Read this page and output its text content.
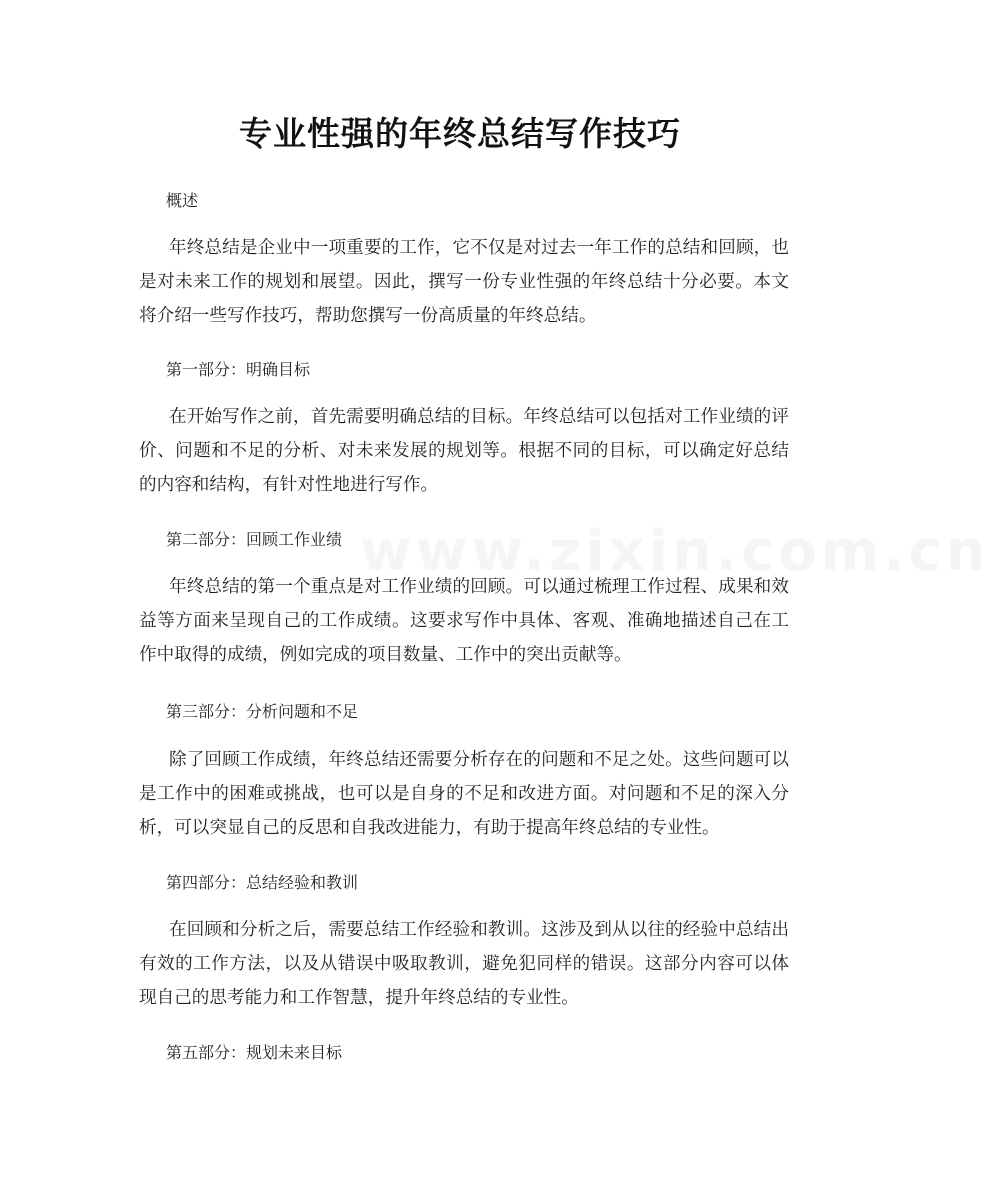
www.zixin.com.cn
专业性强的年终总结写作技巧
概述
年终总结是企业中一项重要的工作，它不仅是对过去一年工作的总结和回顾，也是对未来工作的规划和展望。因此，撰写一份专业性强的年终总结十分必要。本文将介绍一些写作技巧，帮助您撰写一份高质量的年终总结。
第一部分：明确目标
在开始写作之前，首先需要明确总结的目标。年终总结可以包括对工作业绩的评价、问题和不足的分析、对未来发展的规划等。根据不同的目标，可以确定好总结的内容和结构，有针对性地进行写作。
第二部分：回顾工作业绩
年终总结的第一个重点是对工作业绩的回顾。可以通过梳理工作过程、成果和效益等方面来呈现自己的工作成绩。这要求写作中具体、客观、准确地描述自己在工作中取得的成绩，例如完成的项目数量、工作中的突出贡献等。
第三部分：分析问题和不足
除了回顾工作成绩，年终总结还需要分析存在的问题和不足之处。这些问题可以是工作中的困难或挑战，也可以是自身的不足和改进方面。对问题和不足的深入分析，可以突显自己的反思和自我改进能力，有助于提高年终总结的专业性。
第四部分：总结经验和教训
在回顾和分析之后，需要总结工作经验和教训。这涉及到从以往的经验中总结出有效的工作方法，以及从错误中吸取教训，避免犯同样的错误。这部分内容可以体现自己的思考能力和工作智慧，提升年终总结的专业性。
第五部分：规划未来目标
